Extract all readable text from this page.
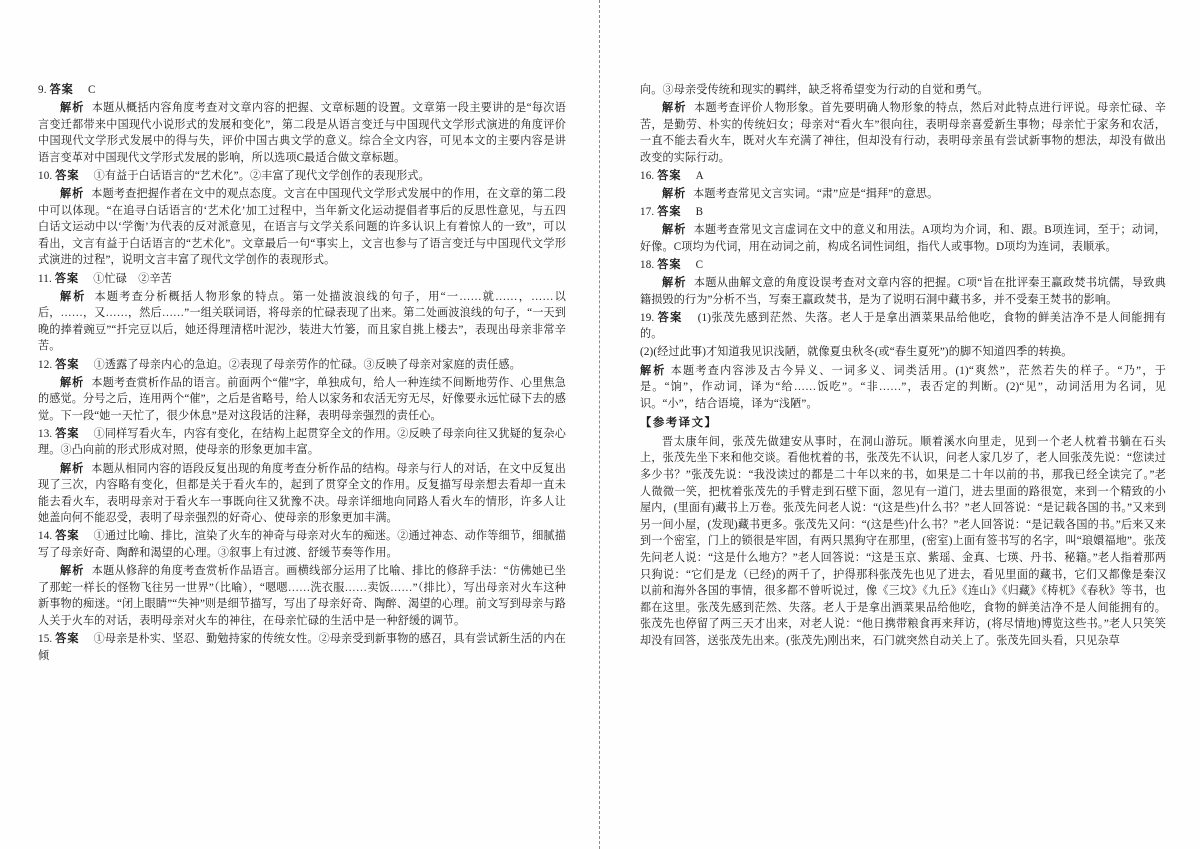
9. 答案 　 C

解析 本题从概括内容角度考查对文章内容的把握、文章标题的设置。文章第一段主要讲的是“每次语言变迁都带来中国现代小说形式的发展和变化”，第二段是从语言变迁与中国现代文学形式演进的角度评价中国现代文学形式发展中的得与失，评价中国古典文学的意义。综合全文内容，可见本文的主要内容是讲语言变革对中国现代文学形式发展的影响，所以选项C最适合做文章标题。

10. 答案 　 ①有益于白话语言的“艺术化”。②丰富了现代文学创作的表现形式。

解析 本题考查把握作者在文中的观点态度。文言在中国现代文学形式发展中的作用，在文章的第二段中可以体现。“在追寻白话语言的‘艺术化’加工过程中，当年新文化运动提倡者事后的反思性意见，与五四白话文运动中以‘学衡’为代表的反对派意见，在语言与文学关系问题的许多认识上有着惊人的一致”，可以看出，文言有益于白话语言的“艺术化”。文章最后一句“事实上，文言也参与了语言变迁与中国现代文学形式演进的过程”，说明文言丰富了现代文学创作的表现形式。

11. 答案 　 ①忙碌　②辛苦

解析 本题考查分析概括人物形象的特点。第一处描波浪线的句子，用“一……就……，……以后，……，又……，然后……”一组关联词语，将母亲的忙碌表现了出来。第二处画波浪线的句子，“一天到晚的捧着豌豆”“扦完豆以后，她还得理清楛叶泥沙，装进大竹篓，而且家自挑上楼去”，表现出母亲非常辛苦。

12. 答案 　 ①透露了母亲内心的急迫。②表现了母亲劳作的忙碌。③反映了母亲对家庭的责任感。

解析 本题考查赏析作品的语言。前面两个“催”字，单独成句，给人一种连续不间断地劳作、心里焦急的感觉。分号之后，连用两个“催”，之后是省略号，给人以家务和农活无穷无尽，好像要永远忙碌下去的感觉。下一段“她一天忙了，很少休息”是对这段话的注释，表明母亲强烈的责任心。

13. 答案 　 ①同样写看火车，内容有变化，在结构上起贯穿全文的作用。②反映了母亲向往又犹疑的复杂心理。③凸向前的形式形成对照，使母亲的形象更加丰富。

解析 本题从相同内容的语段反复出现的角度考查分析作品的结构。母亲与行人的对话，在文中反复出现了三次，内容略有变化，但都是关于看火车的，起到了贯穿全文的作用。反复描写母亲想去看却一直未能去看火车，表明母亲对于看火车一事既向往又犹豫不决。母亲详细地向同路人看火车的情形，许多人让她盖向何不能忍受，表明了母亲强烈的好奇心、使母亲的形象更加丰满。

14. 答案 　 ①通过比喻、排比，渲染了火车的神奇与母亲对火车的痴迷。②通过神态、动作等细节，细腻描写了母亲好奇、陶醉和渴望的心理。③叙事上有过渡、舒缓节奏等作用。

解析 本题从修辞的角度考查赏析作品语言。画横线部分运用了比喻、排比的修辞手法：“仿佛她已坐了那蛇一样长的怪物飞往另一世界”（比喻），“嗯嗯……洗衣服……卖饭……”（排比），写出母亲对火车这种新事物的痴迷。“闭上眼睛”“失神”则是细节描写，写出了母亲好奇、陶醉、渴望的心理。前文写到母亲与路人关于火车的对话，表明母亲对火车的神往，在母亲忙碌的生活中是一种舒缓的调节。

15. 答案 　 ①母亲是朴实、坚忍、勤勉持家的传统女性。②母亲受到新事物的感召，具有尝试新生活的内在倾

向。③母亲受传统和现实的羁绊，缺乏将希望变为行动的自觉和勇气。

解析 本题考查评价人物形象。首先要明确人物形象的特点，然后对此特点进行评说。母亲忙碌、辛苦，是勤劳、朴实的传统妇女；母亲对“看火车”很向往，表明母亲喜爱新生事物；母亲忙于家务和农活，一直不能去看火车，既对火车充满了神往，但却没有行动，表明母亲虽有尝试新事物的想法，却没有做出改变的实际行动。

16. 答案 　 A

解析 本题考查常见文言实词。“肃”应是“揖拜”的意思。

17. 答案 　 B

解析 本题考查常见文言虚词在文中的意义和用法。A项均为介词，和、跟。B项连词，至于；动词，好像。C项均为代词，用在动词之前，构成名词性词组，指代人或事物。D项均为连词，表顺承。

18. 答案 　 C

解析 本题从曲解文意的角度设误考查对文章内容的把握。C项“旨在批评秦王赢政焚书坑儒，导致典籍损毁的行为”分析不当，写秦王赢政焚书，是为了说明石洞中藏书多，并不受秦王焚书的影响。

19. 答案 　 (1)张茂先感到茫然、失落。老人于是拿出酒菜果品给他吃，食物的鲜美洁净不是人间能拥有的。

(2)(经过此事)才知道我见识浅陋，就像夏虫秋冬(或“春生夏死”)的脚不知道四季的转换。

解析 本题考查内容涉及古今异义、一词多义、词类活用。(1)“爽然”，茫然若失的样子。“乃”，于是。“饷”，作动词，译为“给……饭吃”。“非……”，表否定的判断。(2)“见”，动词活用为名词，见识。“小”，结合语境，译为“浅陋”。

【参考译文】

晋太康年间，张茂先做建安从事时，在洞山游玩。顺着溪水向里走，见到一个老人枕着书躺在石头上，张茂先坐下来和他交谈。看他枕着的书，张茂先不认识，问老人家几岁了，老人回张茂先说：“您读过多少书？”张茂先说：“我没读过的都是二十年以来的书，如果是二十年以前的书，那我已经全读完了。”老人微微一笑，把枕着张茂先的手臂走到石壁下面，忽见有一道门，进去里面的路很宽，来到一个精致的小屋内，(里面有)藏书上万卷。张茂先问老人说：“(这是些)什么书？”老人回答说：“是记载各国的书。”又来到另一间小屋，(发现)藏书更多。张茂先又问：“(这是些)什么书？”老人回答说：“是记载各国的书。”后来又来到一个密室，门上的锁很是牢固，有两只黑狗守在那里，(密室)上面有签书写的名字，叫“琅嬛福地”。张茂先问老人说：“这是什么地方？”老人回答说：“这是玉京、紫瑶、金真、七瑛、丹书、秘籍。”老人指着那两只狗说：“它们是龙（已经)的两千了，护得那科张茂先也见了进去，看见里面的藏书，它们又都像是秦汉以前和海外各国的事情，很多都不曾听说过，像《三坟》《九丘》《连山》《归藏》《梼杌》《春秋》等书，也都在这里。张茂先感到茫然、失落。老人于是拿出酒菜果品给他吃，食物的鲜美洁净不是人间能拥有的。张茂先也停留了两三天才出来，对老人说：“他日携带粮食再来拜访，(将尽情地)博览这些书。”老人只笑笑却没有回答，送张茂先出来。(张茂先)刚出来，石门就突然自动关上了。张茂先回头看，只见杂草
